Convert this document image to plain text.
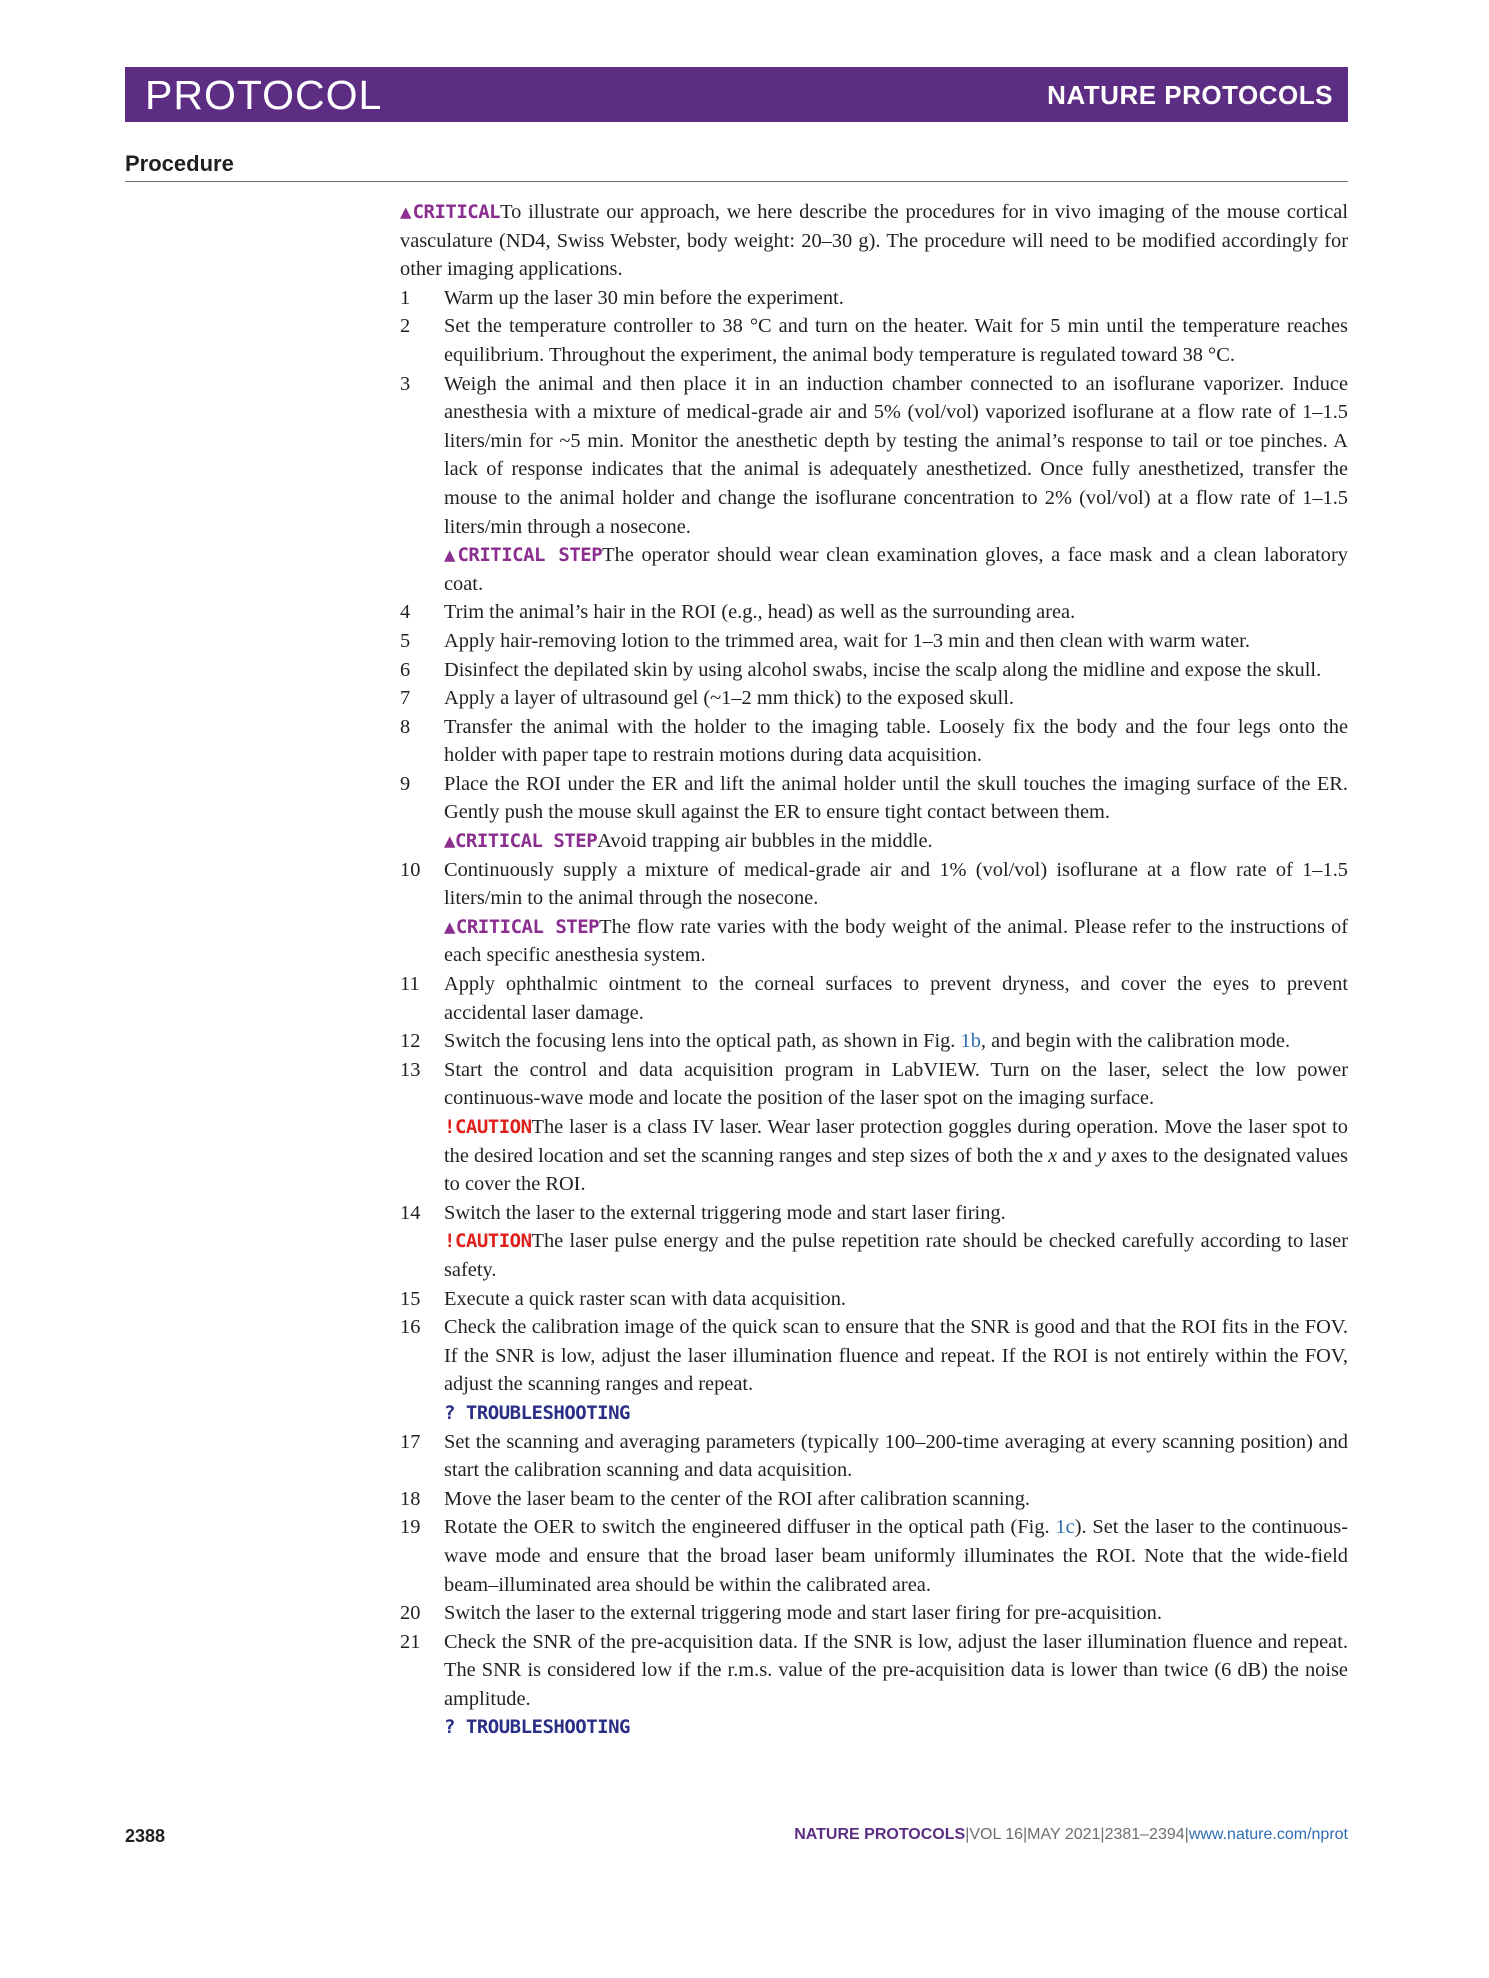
PROTOCOL	NATURE PROTOCOLS
Procedure

▲CRITICALTo illustrate our approach, we here describe the procedures for in vivo imaging of the mouse cortical vasculature (ND4, Swiss Webster, body weight: 20–30 g). The procedure will need to be modified accordingly for other imaging applications.

1 Warm up the laser 30 min before the experiment.

2 Set the temperature controller to 38 °C and turn on the heater. Wait for 5 min until the temperature reaches equilibrium. Throughout the experiment, the animal body temperature is regulated toward 38 °C.

3 Weigh the animal and then place it in an induction chamber connected to an isoflurane vaporizer. Induce anesthesia with a mixture of medical-grade air and 5% (vol/vol) vaporized isoflurane at a flow rate of 1–1.5 liters/min for ~5 min. Monitor the anesthetic depth by testing the animal’s response to tail or toe pinches. A lack of response indicates that the animal is adequately anesthetized. Once fully anesthetized, transfer the mouse to the animal holder and change the isoflurane concentration to 2% (vol/vol) at a flow rate of 1–1.5 liters/min through a nosecone.

▲CRITICAL STEPThe operator should wear clean examination gloves, a face mask and a clean laboratory coat.

4 Trim the animal’s hair in the ROI (e.g., head) as well as the surrounding area.

5 Apply hair-removing lotion to the trimmed area, wait for 1–3 min and then clean with warm water.

6 Disinfect the depilated skin by using alcohol swabs, incise the scalp along the midline and expose the skull.

7 Apply a layer of ultrasound gel (~1–2 mm thick) to the exposed skull.

8 Transfer the animal with the holder to the imaging table. Loosely fix the body and the four legs onto the holder with paper tape to restrain motions during data acquisition.

9 Place the ROI under the ER and lift the animal holder until the skull touches the imaging surface of the ER. Gently push the mouse skull against the ER to ensure tight contact between them.

▲CRITICAL STEPAvoid trapping air bubbles in the middle.

10 Continuously supply a mixture of medical-grade air and 1% (vol/vol) isoflurane at a flow rate of 1–1.5 liters/min to the animal through the nosecone.

▲CRITICAL STEPThe flow rate varies with the body weight of the animal. Please refer to the instructions of each specific anesthesia system.

11 Apply ophthalmic ointment to the corneal surfaces to prevent dryness, and cover the eyes to prevent accidental laser damage.

12 Switch the focusing lens into the optical path, as shown in Fig. 1b, and begin with the calibration mode.

13 Start the control and data acquisition program in LabVIEW. Turn on the laser, select the low power continuous-wave mode and locate the position of the laser spot on the imaging surface.

!CAUTIONThe laser is a class IV laser. Wear laser protection goggles during operation. Move the laser spot to the desired location and set the scanning ranges and step sizes of both the x and y axes to the designated values to cover the ROI.

14 Switch the laser to the external triggering mode and start laser firing.

!CAUTIONThe laser pulse energy and the pulse repetition rate should be checked carefully according to laser safety.

15 Execute a quick raster scan with data acquisition.

16 Check the calibration image of the quick scan to ensure that the SNR is good and that the ROI fits in the FOV. If the SNR is low, adjust the laser illumination fluence and repeat. If the ROI is not entirely within the FOV, adjust the scanning ranges and repeat.

? TROUBLESHOOTING

17 Set the scanning and averaging parameters (typically 100–200-time averaging at every scanning position) and start the calibration scanning and data acquisition.

18 Move the laser beam to the center of the ROI after calibration scanning.

19 Rotate the OER to switch the engineered diffuser in the optical path (Fig. 1c). Set the laser to the continuous-wave mode and ensure that the broad laser beam uniformly illuminates the ROI. Note that the wide-field beam–illuminated area should be within the calibrated area.

20 Switch the laser to the external triggering mode and start laser firing for pre-acquisition.

21 Check the SNR of the pre-acquisition data. If the SNR is low, adjust the laser illumination fluence and repeat. The SNR is considered low if the r.m.s. value of the pre-acquisition data is lower than twice (6 dB) the noise amplitude.

? TROUBLESHOOTING

2388	NATURE PROTOCOLS|VOL 16|MAY 2021|2381–2394|www.nature.com/nprot
